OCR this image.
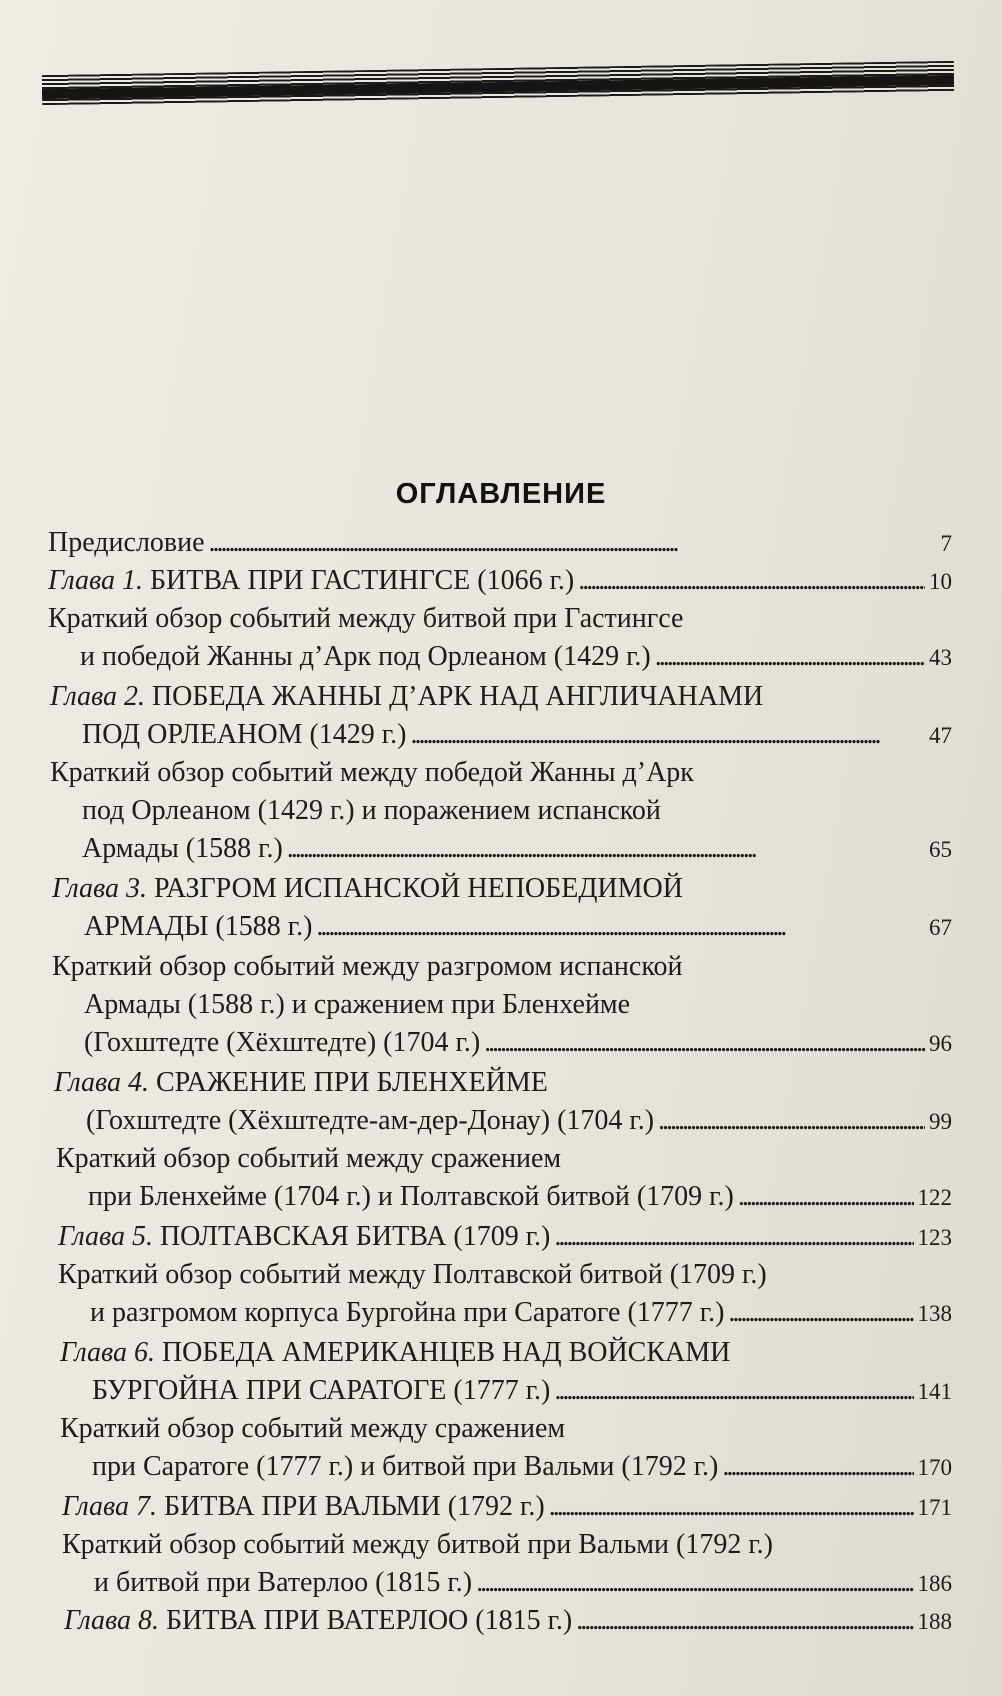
ОГЛАВЛЕНИЕ
Предисловие . . .	7
Глава 1. БИТВА ПРИ ГАСТИНГСЕ (1066 г.) . . .	10
Краткий обзор событий между битвой при Гастингсе
и победой Жанны д’Арк под Орлеаном (1429 г.) . . .	43
Глава 2. ПОБЕДА ЖАННЫ Д’АРК НАД АНГЛИЧАНАМИ
ПОД ОРЛЕАНОМ (1429 г.) . . .	47
Краткий обзор событий между победой Жанны д’Арк
под Орлеаном (1429 г.) и поражением испанской
Армады (1588 г.) . . .	65
Глава 3. РАЗГРОМ ИСПАНСКОЙ НЕПОБЕДИМОЙ
АРМАДЫ (1588 г.) . . .	67
Краткий обзор событий между разгромом испанской
Армады (1588 г.) и сражением при Бленхейме
(Гохштедте (Хёхштедте) (1704 г.) . . .	96
Глава 4. СРАЖЕНИЕ ПРИ БЛЕНХЕЙМЕ
(Гохштедте (Хёхштедте-ам-дер-Донау) (1704 г.) . . .	99
Краткий обзор событий между сражением
при Бленхейме (1704 г.) и Полтавской битвой (1709 г.) . . .	122
Глава 5. ПОЛТАВСКАЯ БИТВА (1709 г.) . . .	123
Краткий обзор событий между Полтавской битвой (1709 г.)
и разгромом корпуса Бургойна при Саратоге (1777 г.) . . .	138
Глава 6. ПОБЕДА АМЕРИКАНЦЕВ НАД ВОЙСКАМИ
БУРГОЙНА ПРИ САРАТОГЕ (1777 г.) . . .	141
Краткий обзор событий между сражением
при Саратоге (1777 г.) и битвой при Вальми (1792 г.) . . .	170
Глава 7. БИТВА ПРИ ВАЛЬМИ (1792 г.) . . .	171
Краткий обзор событий между битвой при Вальми (1792 г.)
и битвой при Ватерлоо (1815 г.) . . .	186
Глава 8. БИТВА ПРИ ВАТЕРЛОО (1815 г.) . . .	188
